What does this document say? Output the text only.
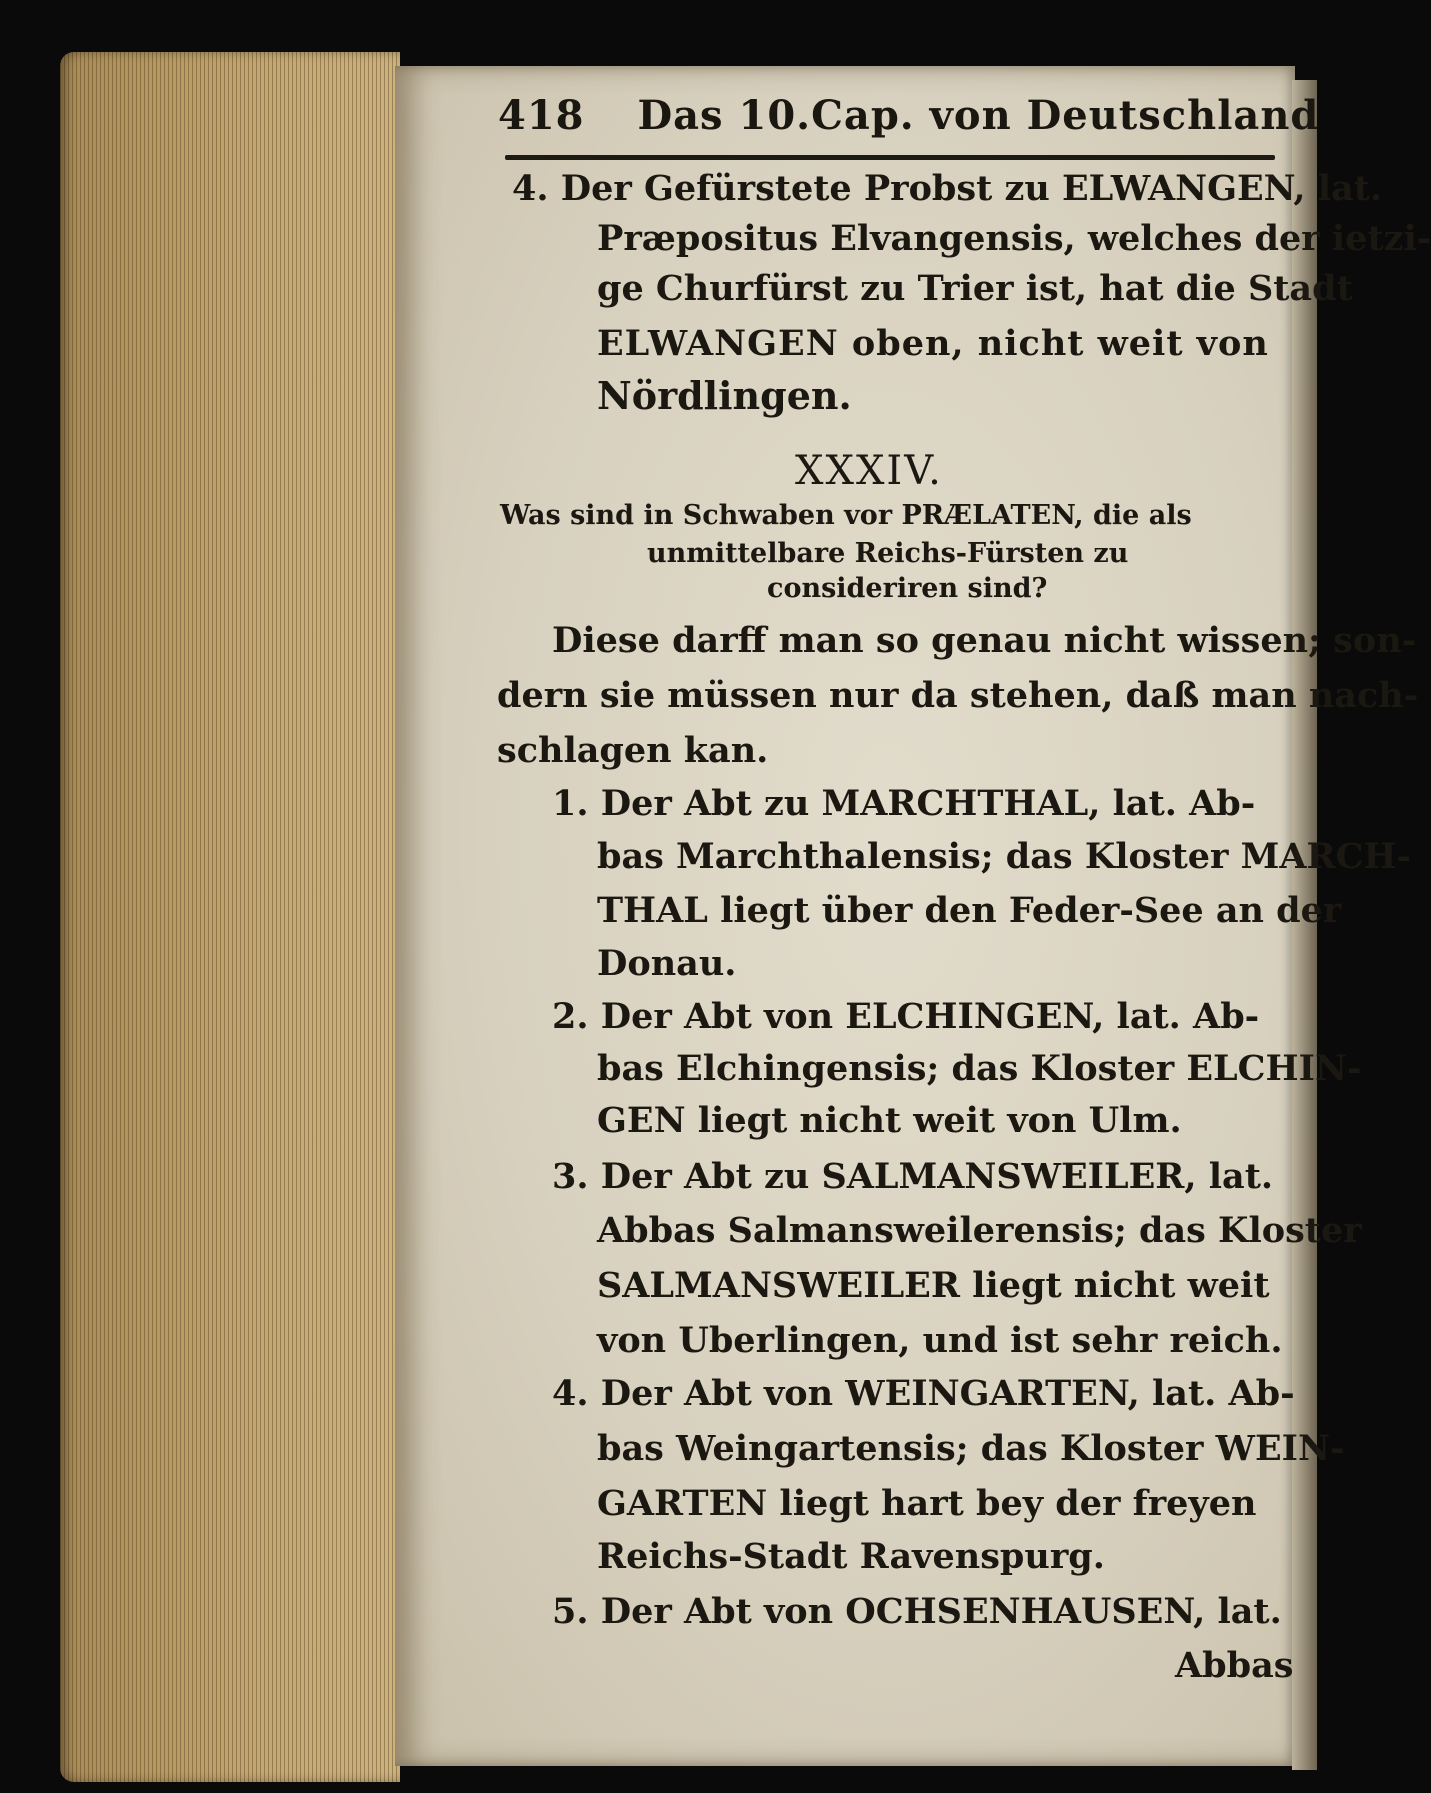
418 Das 10.Cap. von Deutschland
4. Der Gefürstete Probst zu ELWANGEN, lat.
Præpositus Elvangensis, welches der ietzi-
ge Churfürst zu Trier ist, hat die Stadt
ELWANGEN oben, nicht weit von
Nördlingen.
XXXIV.
Was sind in Schwaben vor PRÆLATEN, die als
unmittelbare Reichs-Fürsten zu
consideriren sind?
Diese darff man so genau nicht wissen; son-
dern sie müssen nur da stehen, daß man nach-
schlagen kan.
1. Der Abt zu MARCHTHAL, lat. Ab-
bas Marchthalensis; das Kloster MARCH-
THAL liegt über den Feder-See an der
Donau.
2. Der Abt von ELCHINGEN, lat. Ab-
bas Elchingensis; das Kloster ELCHIN-
GEN liegt nicht weit von Ulm.
3. Der Abt zu SALMANSWEILER, lat.
Abbas Salmansweilerensis; das Kloster
SALMANSWEILER liegt nicht weit
von Uberlingen, und ist sehr reich.
4. Der Abt von WEINGARTEN, lat. Ab-
bas Weingartensis; das Kloster WEIN-
GARTEN liegt hart bey der freyen
Reichs-Stadt Ravenspurg.
5. Der Abt von OCHSENHAUSEN, lat.
Abbas
